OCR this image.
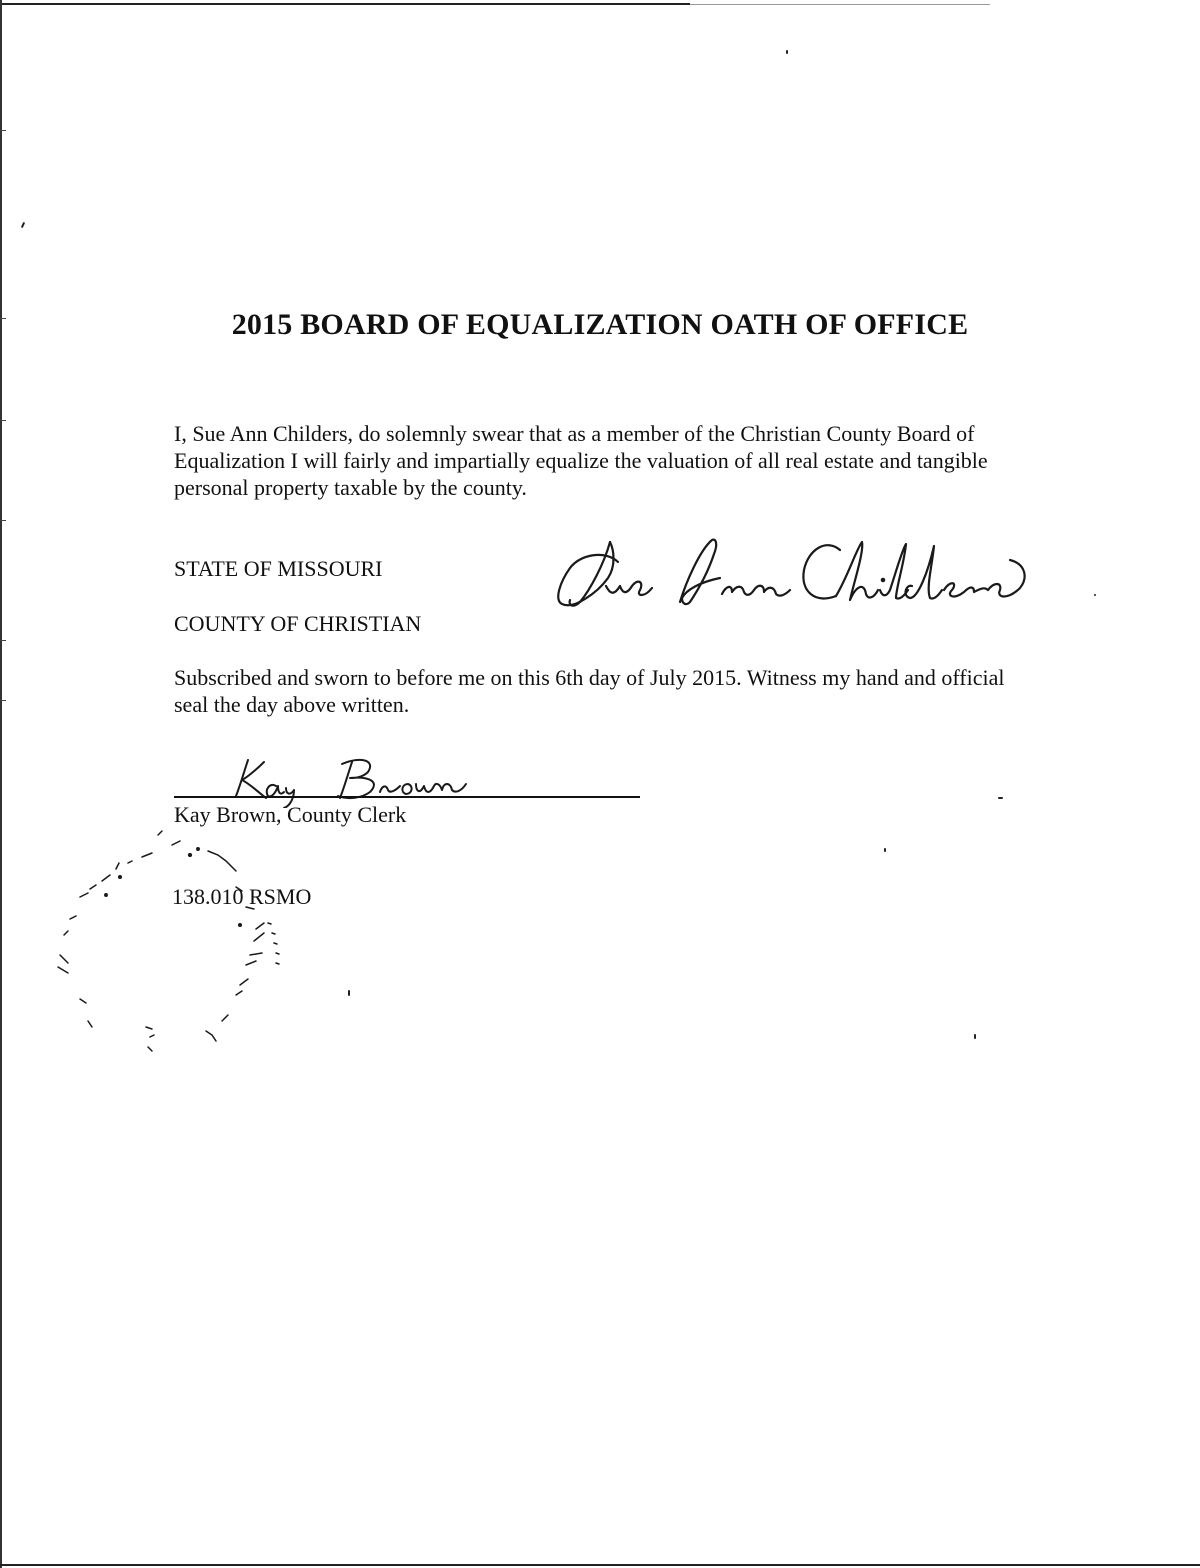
2015 BOARD OF EQUALIZATION OATH OF OFFICE
I, Sue Ann Childers, do solemnly swear that as a member of the Christian County Board of Equalization I will fairly and impartially equalize the valuation of all real estate and tangible personal property taxable by the county.
STATE OF MISSOURI
COUNTY OF CHRISTIAN
Subscribed and sworn to before me on this 6th day of July 2015. Witness my hand and official seal the day above written.
Kay Brown, County Clerk
138.010 RSMO
